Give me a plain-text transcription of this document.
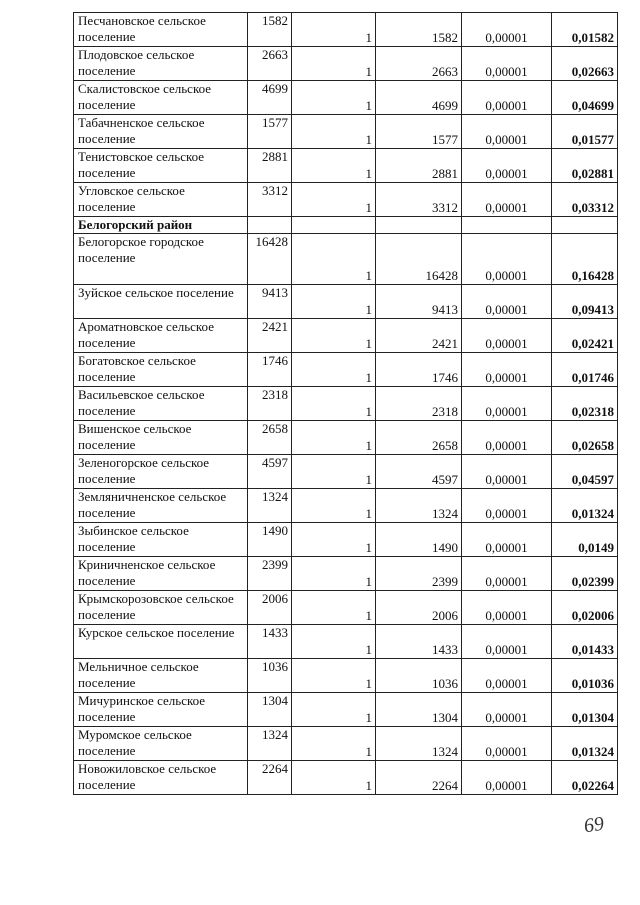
Песчановское сельское поселение	1582	1	1582	0,00001	0,01582
Плодовское сельское поселение	2663	1	2663	0,00001	0,02663
Скалистовское сельское поселение	4699	1	4699	0,00001	0,04699
Табачненское сельское поселение	1577	1	1577	0,00001	0,01577
Тенистовское сельское поселение	2881	1	2881	0,00001	0,02881
Угловское сельское поселение	3312	1	3312	0,00001	0,03312
Белогорский район					
Белогорское городское поселение	16428	1	16428	0,00001	0,16428
Зуйское сельское поселение	9413	1	9413	0,00001	0,09413
Ароматновское сельское поселение	2421	1	2421	0,00001	0,02421
Богатовское сельское поселение	1746	1	1746	0,00001	0,01746
Васильевское сельское поселение	2318	1	2318	0,00001	0,02318
Вишенское сельское поселение	2658	1	2658	0,00001	0,02658
Зеленогорское сельское поселение	4597	1	4597	0,00001	0,04597
Земляничненское сельское поселение	1324	1	1324	0,00001	0,01324
Зыбинское сельское поселение	1490	1	1490	0,00001	0,0149
Криничненское сельское поселение	2399	1	2399	0,00001	0,02399
Крымскорозовское сельское поселение	2006	1	2006	0,00001	0,02006
Курское сельское поселение	1433	1	1433	0,00001	0,01433
Мельничное сельское поселение	1036	1	1036	0,00001	0,01036
Мичуринское сельское поселение	1304	1	1304	0,00001	0,01304
Муромское сельское поселение	1324	1	1324	0,00001	0,01324
Новожиловское сельское поселение	2264	1	2264	0,00001	0,02264
69
